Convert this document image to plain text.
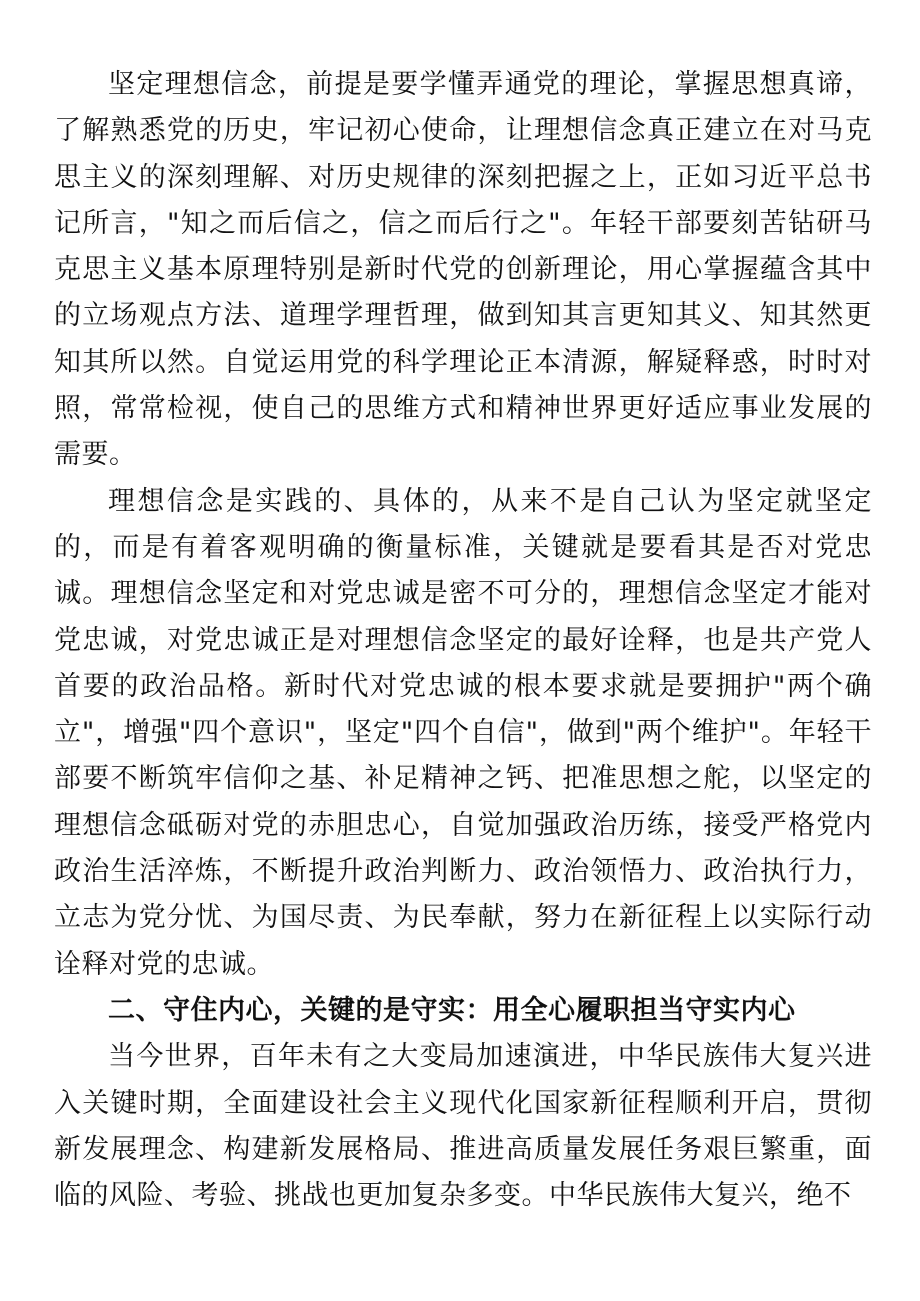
坚定理想信念，前提是要学懂弄通党的理论，掌握思想真谛，了解熟悉党的历史，牢记初心使命，让理想信念真正建立在对马克思主义的深刻理解、对历史规律的深刻把握之上，正如习近平总书记所言，"知之而后信之，信之而后行之"。年轻干部要刻苦钻研马克思主义基本原理特别是新时代党的创新理论，用心掌握蕴含其中的立场观点方法、道理学理哲理，做到知其言更知其义、知其然更知其所以然。自觉运用党的科学理论正本清源，解疑释惑，时时对照，常常检视，使自己的思维方式和精神世界更好适应事业发展的需要。

理想信念是实践的、具体的，从来不是自己认为坚定就坚定的，而是有着客观明确的衡量标准，关键就是要看其是否对党忠诚。理想信念坚定和对党忠诚是密不可分的，理想信念坚定才能对党忠诚，对党忠诚正是对理想信念坚定的最好诠释，也是共产党人首要的政治品格。新时代对党忠诚的根本要求就是要拥护"两个确立"，增强"四个意识"，坚定"四个自信"，做到"两个维护"。年轻干部要不断筑牢信仰之基、补足精神之钙、把准思想之舵，以坚定的理想信念砥砺对党的赤胆忠心，自觉加强政治历练，接受严格党内政治生活淬炼，不断提升政治判断力、政治领悟力、政治执行力，立志为党分忧、为国尽责、为民奉献，努力在新征程上以实际行动诠释对党的忠诚。

二、守住内心，关键的是守实：用全心履职担当守实内心

当今世界，百年未有之大变局加速演进，中华民族伟大复兴进入关键时期，全面建设社会主义现代化国家新征程顺利开启，贯彻新发展理念、构建新发展格局、推进高质量发展任务艰巨繁重，面临的风险、考验、挑战也更加复杂多变。中华民族伟大复兴，绝不
